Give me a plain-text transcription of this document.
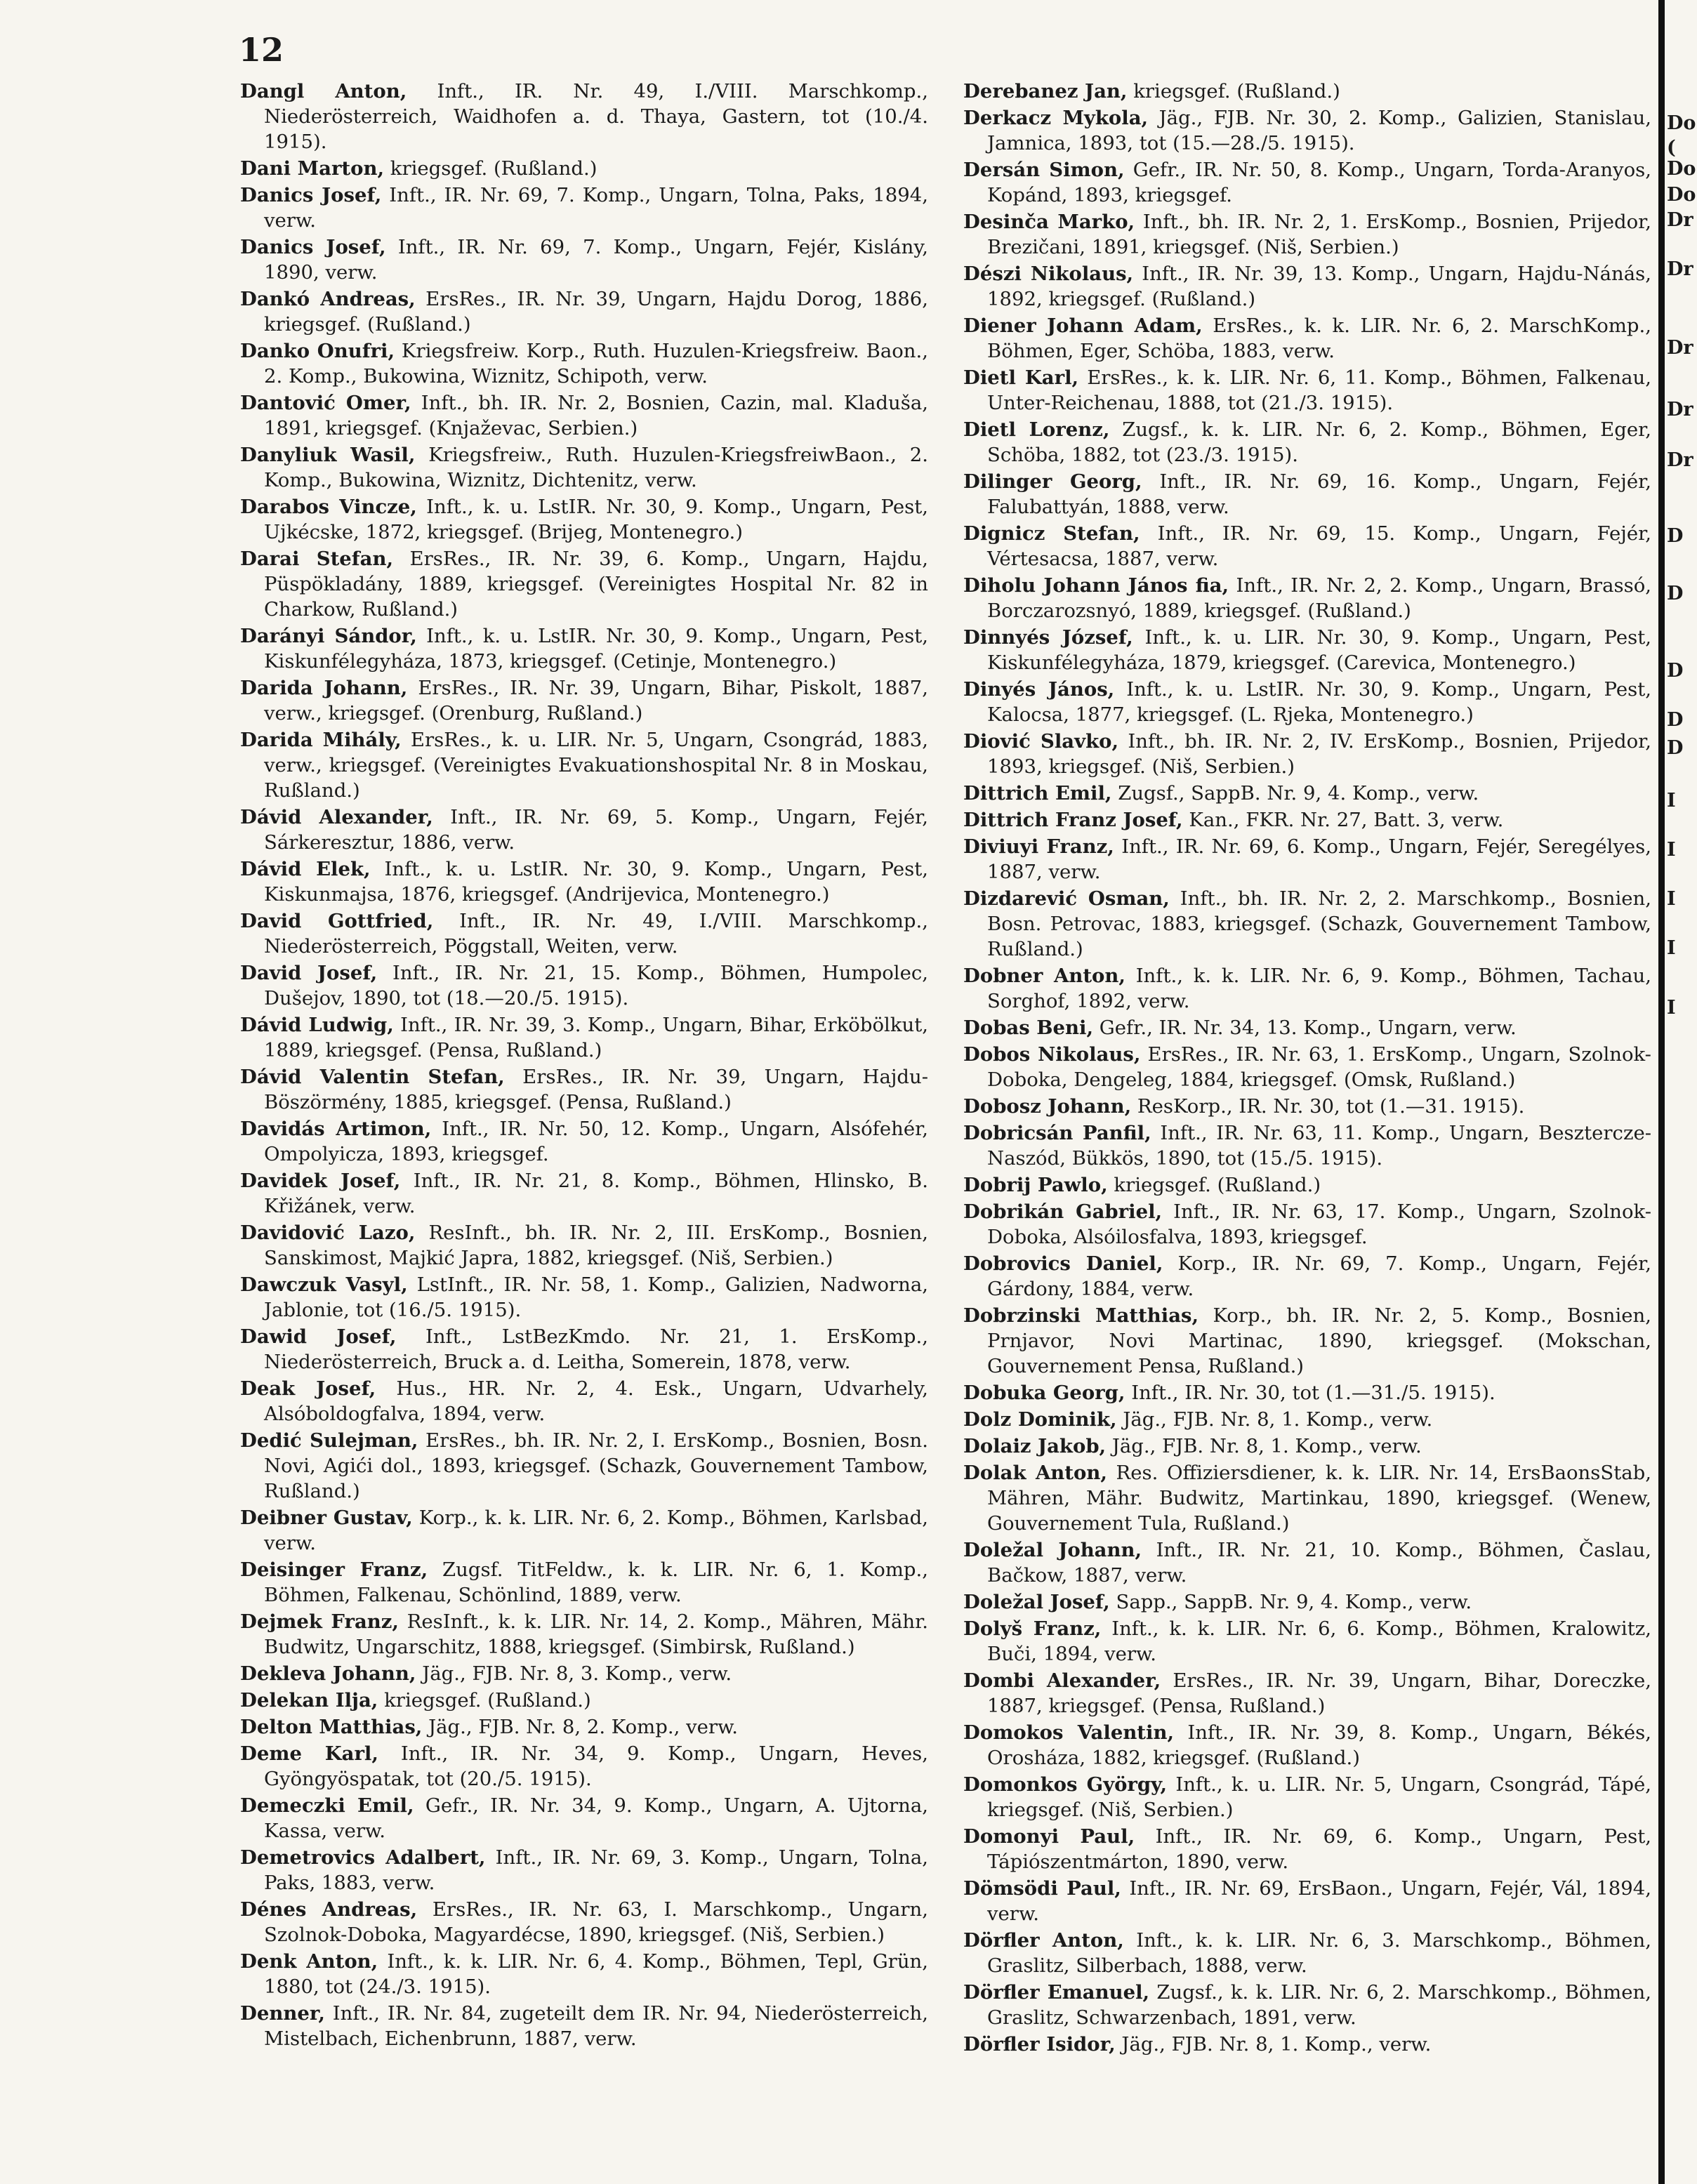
12
Dangl Anton, Inft., IR. Nr. 49, I./VIII. Marschkomp., Niederösterreich, Waidhofen a. d. Thaya, Gastern, tot (10./4. 1915).
Dani Marton, kriegsgef. (Rußland.)
Danics Josef, Inft., IR. Nr. 69, 7. Komp., Ungarn, Tolna, Paks, 1894, verw.
Danics Josef, Inft., IR. Nr. 69, 7. Komp., Ungarn, Fejér, Kislány, 1890, verw.
Dankó Andreas, ErsRes., IR. Nr. 39, Ungarn, Hajdu Dorog, 1886, kriegsgef. (Rußland.)
Danko Onufri, Kriegsfreiw. Korp., Ruth. Huzulen-Kriegsfreiw. Baon., 2. Komp., Bukowina, Wiznitz, Schipoth, verw.
Dantović Omer, Inft., bh. IR. Nr. 2, Bosnien, Cazin, mal. Kladuša, 1891, kriegsgef. (Knjaževac, Serbien.)
Danyliuk Wasil, Kriegsfreiw., Ruth. Huzulen-KriegsfreiwBaon., 2. Komp., Bukowina, Wiznitz, Dichtenitz, verw.
Darabos Vincze, Inft., k. u. LstIR. Nr. 30, 9. Komp., Ungarn, Pest, Ujkécske, 1872, kriegsgef. (Brijeg, Montenegro.)
Darai Stefan, ErsRes., IR. Nr. 39, 6. Komp., Ungarn, Hajdu, Püspökladány, 1889, kriegsgef. (Vereinigtes Hospital Nr. 82 in Charkow, Rußland.)
Darányi Sándor, Inft., k. u. LstIR. Nr. 30, 9. Komp., Ungarn, Pest, Kiskunfélegyháza, 1873, kriegsgef. (Cetinje, Montenegro.)
Darida Johann, ErsRes., IR. Nr. 39, Ungarn, Bihar, Piskolt, 1887, verw., kriegsgef. (Orenburg, Rußland.)
Darida Mihály, ErsRes., k. u. LIR. Nr. 5, Ungarn, Csongrád, 1883, verw., kriegsgef. (Vereinigtes Evakuationshospital Nr. 8 in Moskau, Rußland.)
Dávid Alexander, Inft., IR. Nr. 69, 5. Komp., Ungarn, Fejér, Sárkeresztur, 1886, verw.
Dávid Elek, Inft., k. u. LstIR. Nr. 30, 9. Komp., Ungarn, Pest, Kiskunmajsa, 1876, kriegsgef. (Andrijevica, Montenegro.)
David Gottfried, Inft., IR. Nr. 49, I./VIII. Marschkomp., Niederösterreich, Pöggstall, Weiten, verw.
David Josef, Inft., IR. Nr. 21, 15. Komp., Böhmen, Humpolec, Dušejov, 1890, tot (18.—20./5. 1915).
Dávid Ludwig, Inft., IR. Nr. 39, 3. Komp., Ungarn, Bihar, Erköbölkut, 1889, kriegsgef. (Pensa, Rußland.)
Dávid Valentin Stefan, ErsRes., IR. Nr. 39, Ungarn, Hajdu-Böszörmény, 1885, kriegsgef. (Pensa, Rußland.)
Davidás Artimon, Inft., IR. Nr. 50, 12. Komp., Ungarn, Alsófehér, Ompolyicza, 1893, kriegsgef.
Davidek Josef, Inft., IR. Nr. 21, 8. Komp., Böhmen, Hlinsko, B. Křižánek, verw.
Davidović Lazo, ResInft., bh. IR. Nr. 2, III. ErsKomp., Bosnien, Sanskimost, Majkić Japra, 1882, kriegsgef. (Niš, Serbien.)
Dawczuk Vasyl, LstInft., IR. Nr. 58, 1. Komp., Galizien, Nadworna, Jablonie, tot (16./5. 1915).
Dawid Josef, Inft., LstBezKmdo. Nr. 21, 1. ErsKomp., Niederösterreich, Bruck a. d. Leitha, Somerein, 1878, verw.
Deak Josef, Hus., HR. Nr. 2, 4. Esk., Ungarn, Udvarhely, Alsóboldogfalva, 1894, verw.
Dedić Sulejman, ErsRes., bh. IR. Nr. 2, I. ErsKomp., Bosnien, Bosn. Novi, Agići dol., 1893, kriegsgef. (Schazk, Gouvernement Tambow, Rußland.)
Deibner Gustav, Korp., k. k. LIR. Nr. 6, 2. Komp., Böhmen, Karlsbad, verw.
Deisinger Franz, Zugsf. TitFeldw., k. k. LIR. Nr. 6, 1. Komp., Böhmen, Falkenau, Schönlind, 1889, verw.
Dejmek Franz, ResInft., k. k. LIR. Nr. 14, 2. Komp., Mähren, Mähr. Budwitz, Ungarschitz, 1888, kriegsgef. (Simbirsk, Rußland.)
Dekleva Johann, Jäg., FJB. Nr. 8, 3. Komp., verw.
Delekan Ilja, kriegsgef. (Rußland.)
Delton Matthias, Jäg., FJB. Nr. 8, 2. Komp., verw.
Deme Karl, Inft., IR. Nr. 34, 9. Komp., Ungarn, Heves, Gyöngyöspatak, tot (20./5. 1915).
Demeczki Emil, Gefr., IR. Nr. 34, 9. Komp., Ungarn, A. Ujtorna, Kassa, verw.
Demetrovics Adalbert, Inft., IR. Nr. 69, 3. Komp., Ungarn, Tolna, Paks, 1883, verw.
Dénes Andreas, ErsRes., IR. Nr. 63, I. Marschkomp., Ungarn, Szolnok-Doboka, Magyardécse, 1890, kriegsgef. (Niš, Serbien.)
Denk Anton, Inft., k. k. LIR. Nr. 6, 4. Komp., Böhmen, Tepl, Grün, 1880, tot (24./3. 1915).
Denner, Inft., IR. Nr. 84, zugeteilt dem IR. Nr. 94, Niederösterreich, Mistelbach, Eichenbrunn, 1887, verw.
Derebanez Jan, kriegsgef. (Rußland.)
Derkacz Mykola, Jäg., FJB. Nr. 30, 2. Komp., Galizien, Stanislau, Jamnica, 1893, tot (15.—28./5. 1915).
Dersán Simon, Gefr., IR. Nr. 50, 8. Komp., Ungarn, Torda-Aranyos, Kopánd, 1893, kriegsgef.
Desinča Marko, Inft., bh. IR. Nr. 2, 1. ErsKomp., Bosnien, Prijedor, Brezičani, 1891, kriegsgef. (Niš, Serbien.)
Dészi Nikolaus, Inft., IR. Nr. 39, 13. Komp., Ungarn, Hajdu-Nánás, 1892, kriegsgef. (Rußland.)
Diener Johann Adam, ErsRes., k. k. LIR. Nr. 6, 2. MarschKomp., Böhmen, Eger, Schöba, 1883, verw.
Dietl Karl, ErsRes., k. k. LIR. Nr. 6, 11. Komp., Böhmen, Falkenau, Unter-Reichenau, 1888, tot (21./3. 1915).
Dietl Lorenz, Zugsf., k. k. LIR. Nr. 6, 2. Komp., Böhmen, Eger, Schöba, 1882, tot (23./3. 1915).
Dilinger Georg, Inft., IR. Nr. 69, 16. Komp., Ungarn, Fejér, Falubattyán, 1888, verw.
Dignicz Stefan, Inft., IR. Nr. 69, 15. Komp., Ungarn, Fejér, Vértesacsa, 1887, verw.
Diholu Johann János fia, Inft., IR. Nr. 2, 2. Komp., Ungarn, Brassó, Borczarozsnyó, 1889, kriegsgef. (Rußland.)
Dinnyés József, Inft., k. u. LIR. Nr. 30, 9. Komp., Ungarn, Pest, Kiskunfélegyháza, 1879, kriegsgef. (Carevica, Montenegro.)
Dinyés János, Inft., k. u. LstIR. Nr. 30, 9. Komp., Ungarn, Pest, Kalocsa, 1877, kriegsgef. (L. Rjeka, Montenegro.)
Diović Slavko, Inft., bh. IR. Nr. 2, IV. ErsKomp., Bosnien, Prijedor, 1893, kriegsgef. (Niš, Serbien.)
Dittrich Emil, Zugsf., SappB. Nr. 9, 4. Komp., verw.
Dittrich Franz Josef, Kan., FKR. Nr. 27, Batt. 3, verw.
Diviuyi Franz, Inft., IR. Nr. 69, 6. Komp., Ungarn, Fejér, Seregélyes, 1887, verw.
Dizdarević Osman, Inft., bh. IR. Nr. 2, 2. Marschkomp., Bosnien, Bosn. Petrovac, 1883, kriegsgef. (Schazk, Gouvernement Tambow, Rußland.)
Dobner Anton, Inft., k. k. LIR. Nr. 6, 9. Komp., Böhmen, Tachau, Sorghof, 1892, verw.
Dobas Beni, Gefr., IR. Nr. 34, 13. Komp., Ungarn, verw.
Dobos Nikolaus, ErsRes., IR. Nr. 63, 1. ErsKomp., Ungarn, Szolnok-Doboka, Dengeleg, 1884, kriegsgef. (Omsk, Rußland.)
Dobosz Johann, ResKorp., IR. Nr. 30, tot (1.—31. 1915).
Dobricsán Panfil, Inft., IR. Nr. 63, 11. Komp., Ungarn, Beszterczе-Naszód, Bükkös, 1890, tot (15./5. 1915).
Dobrij Pawlo, kriegsgef. (Rußland.)
Dobrikán Gabriel, Inft., IR. Nr. 63, 17. Komp., Ungarn, Szolnok-Doboka, Alsóilosfalva, 1893, kriegsgef.
Dobrovics Daniel, Korp., IR. Nr. 69, 7. Komp., Ungarn, Fejér, Gárdony, 1884, verw.
Dobrzinski Matthias, Korp., bh. IR. Nr. 2, 5. Komp., Bosnien, Prnjavor, Novi Martinac, 1890, kriegsgef. (Mokschan, Gouvernement Pensa, Rußland.)
Dobuka Georg, Inft., IR. Nr. 30, tot (1.—31./5. 1915).
Dolz Dominik, Jäg., FJB. Nr. 8, 1. Komp., verw.
Dolaiz Jakob, Jäg., FJB. Nr. 8, 1. Komp., verw.
Dolak Anton, Res. Offiziersdiener, k. k. LIR. Nr. 14, ErsBaonsStab, Mähren, Mähr. Budwitz, Martinkau, 1890, kriegsgef. (Wenew, Gouvernement Tula, Rußland.)
Doležal Johann, Inft., IR. Nr. 21, 10. Komp., Böhmen, Časlau, Bačkow, 1887, verw.
Doležal Josef, Sapp., SappB. Nr. 9, 4. Komp., verw.
Dolyš Franz, Inft., k. k. LIR. Nr. 6, 6. Komp., Böhmen, Kralowitz, Buči, 1894, verw.
Dombi Alexander, ErsRes., IR. Nr. 39, Ungarn, Bihar, Doreczke, 1887, kriegsgef. (Pensa, Rußland.)
Domokos Valentin, Inft., IR. Nr. 39, 8. Komp., Ungarn, Békés, Orosháza, 1882, kriegsgef. (Rußland.)
Domonkos György, Inft., k. u. LIR. Nr. 5, Ungarn, Csongrád, Tápé, kriegsgef. (Niš, Serbien.)
Domonyi Paul, Inft., IR. Nr. 69, 6. Komp., Ungarn, Pest, Tápiószentmárton, 1890, verw.
Dömsödi Paul, Inft., IR. Nr. 69, ErsBaon., Ungarn, Fejér, Vál, 1894, verw.
Dörfler Anton, Inft., k. k. LIR. Nr. 6, 3. Marschkomp., Böhmen, Graslitz, Silberbach, 1888, verw.
Dörfler Emanuel, Zugsf., k. k. LIR. Nr. 6, 2. Marschkomp., Böhmen, Graslitz, Schwarzenbach, 1891, verw.
Dörfler Isidor, Jäg., FJB. Nr. 8, 1. Komp., verw.
Do
(
Do
Do
Dr
Dr
Dr
Dr
Dr
D
D
D
D
D
I
I
I
I
I
